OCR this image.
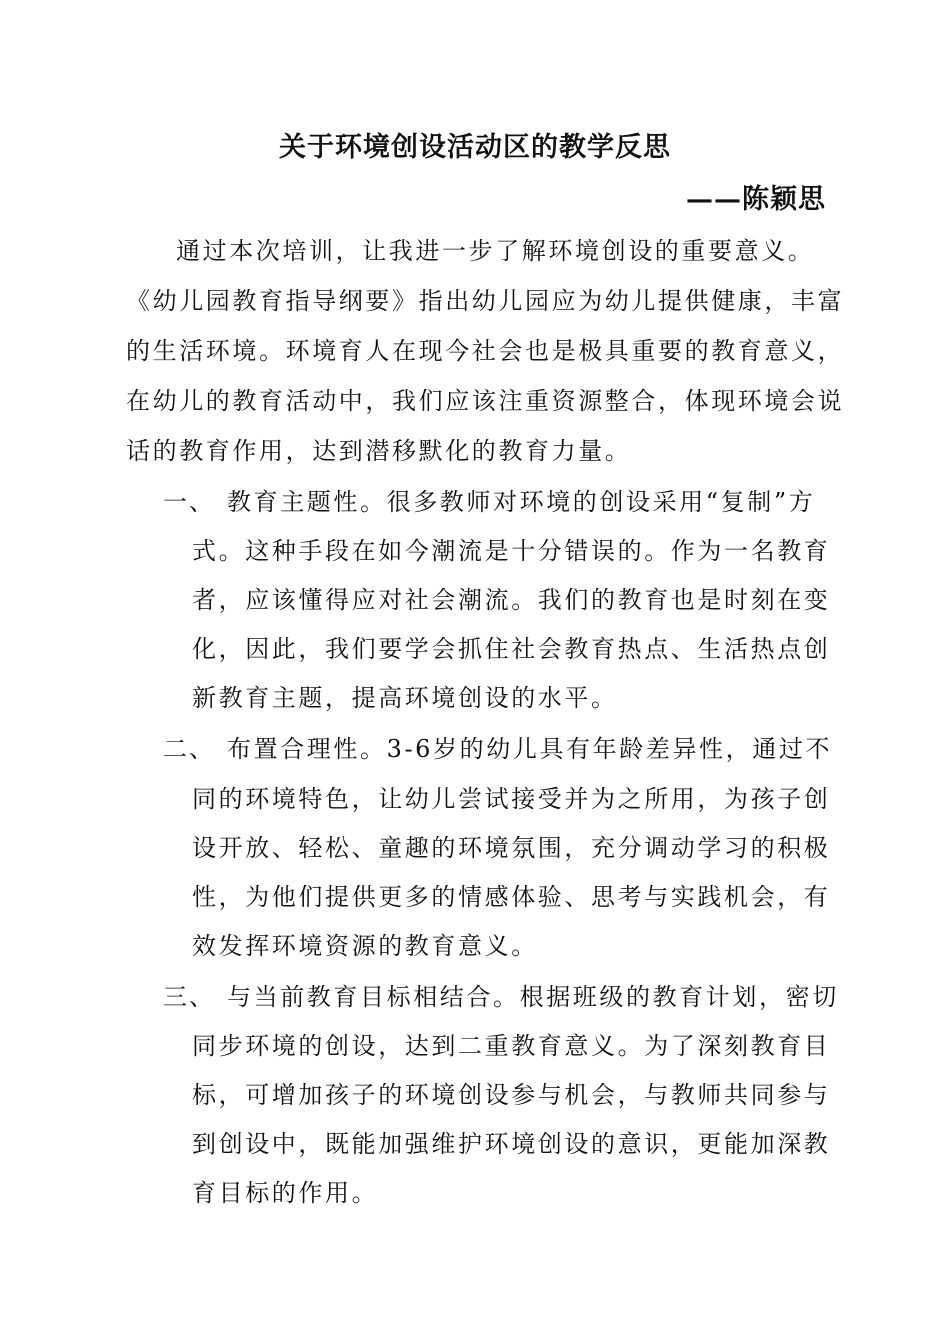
关于环境创设活动区的教学反思
——陈颖思
通过本次培训，让我进一步了解环境创设的重要意义。
《幼儿园教育指导纲要》指出幼儿园应为幼儿提供健康，丰富
的生活环境。环境育人在现今社会也是极具重要的教育意义，
在幼儿的教育活动中，我们应该注重资源整合，体现环境会说
话的教育作用，达到潜移默化的教育力量。
一、 教育主题性。很多教师对环境的创设采用“复制”方
式。这种手段在如今潮流是十分错误的。作为一名教育
者，应该懂得应对社会潮流。我们的教育也是时刻在变
化，因此，我们要学会抓住社会教育热点、生活热点创
新教育主题，提高环境创设的水平。
二、 布置合理性。3-6岁的幼儿具有年龄差异性，通过不
同的环境特色，让幼儿尝试接受并为之所用，为孩子创
设开放、轻松、童趣的环境氛围，充分调动学习的积极
性，为他们提供更多的情感体验、思考与实践机会，有
效发挥环境资源的教育意义。
三、 与当前教育目标相结合。根据班级的教育计划，密切
同步环境的创设，达到二重教育意义。为了深刻教育目
标，可增加孩子的环境创设参与机会，与教师共同参与
到创设中，既能加强维护环境创设的意识，更能加深教
育目标的作用。
